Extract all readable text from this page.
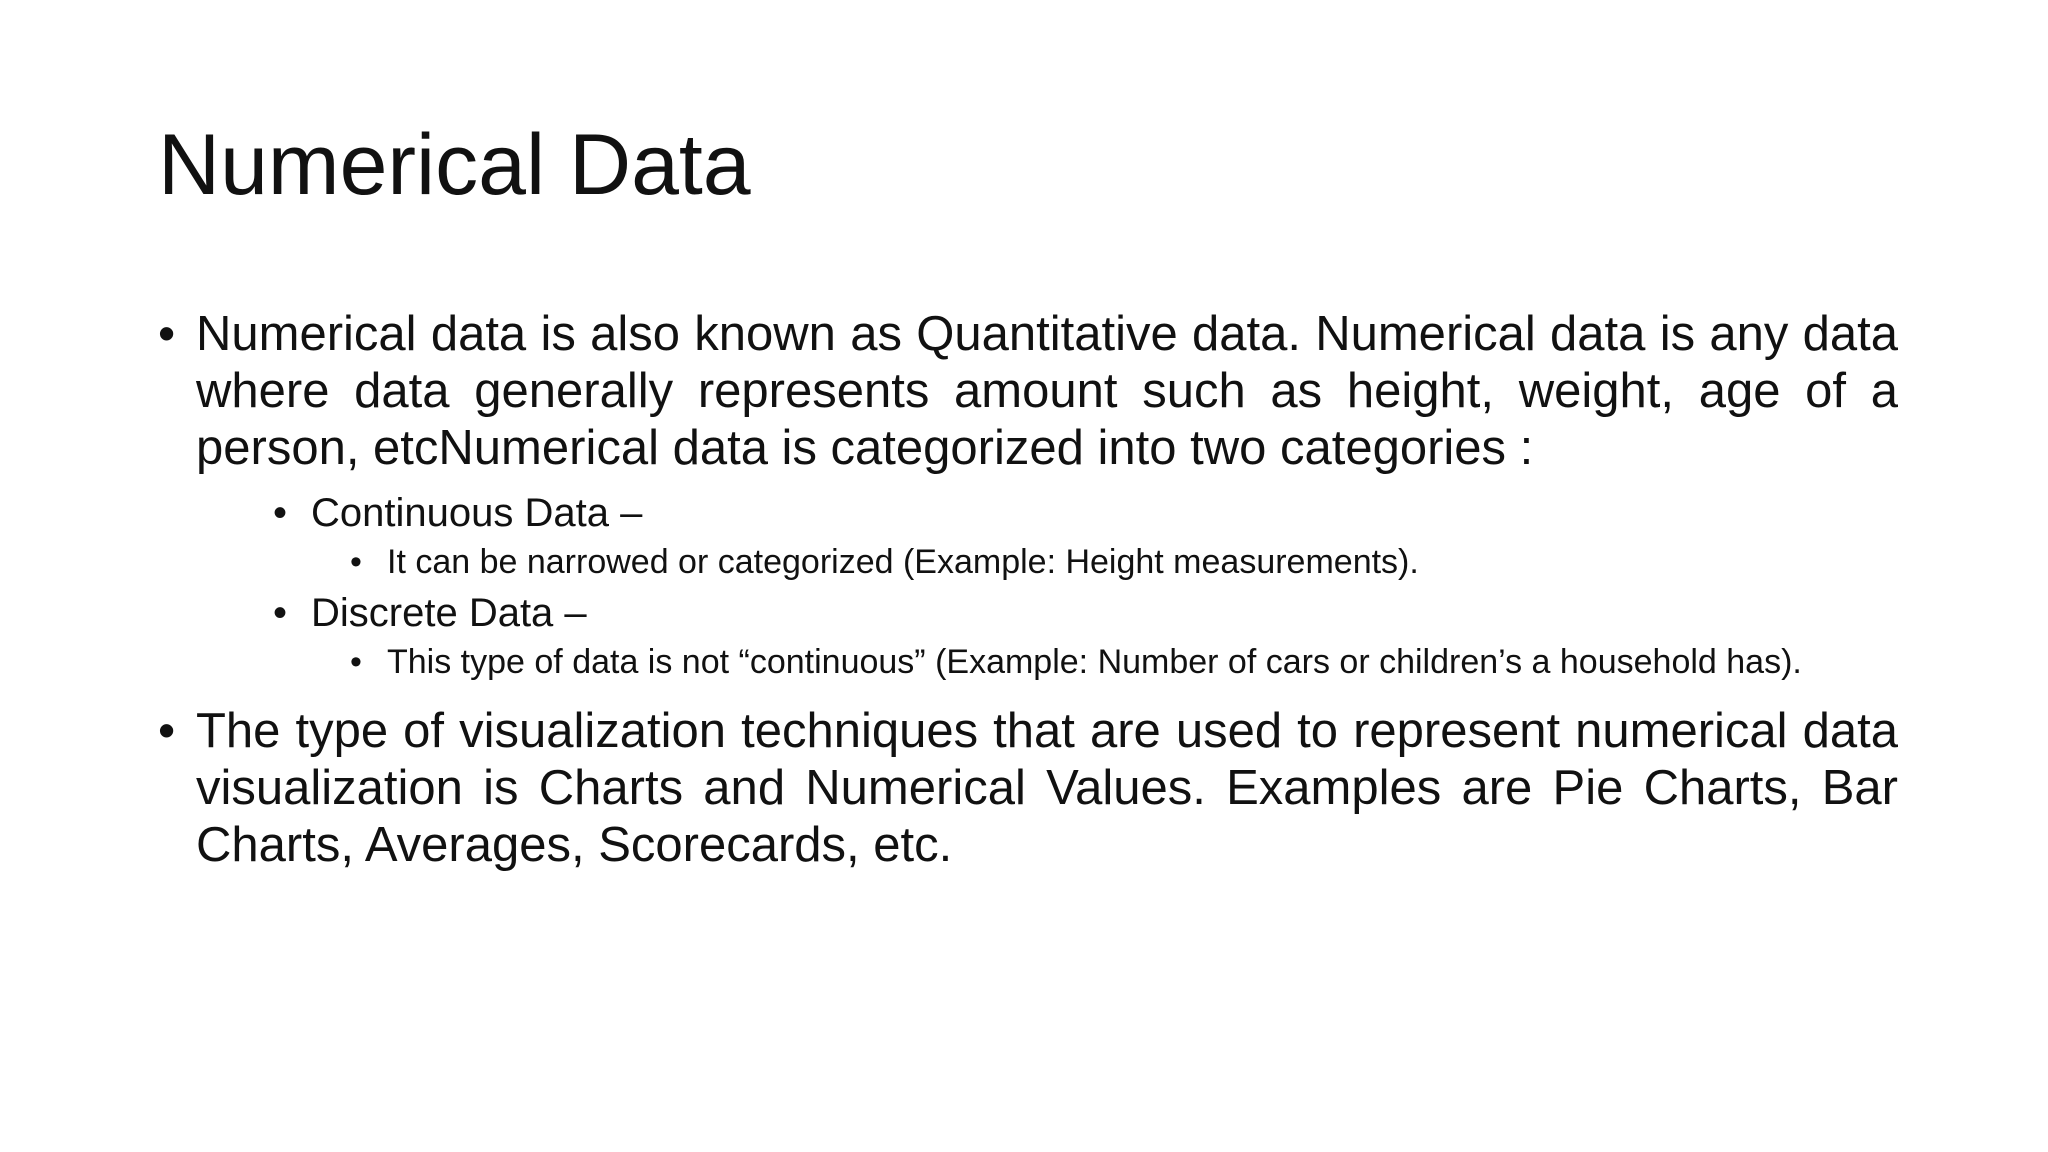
Numerical Data
• Numerical data is also known as Quantitative data. Numerical data is any data where data generally represents amount such as height, weight, age of a person, etcNumerical data is categorized into two categories :
• Continuous Data –
• It can be narrowed or categorized (Example: Height measurements).
• Discrete Data –
• This type of data is not “continuous” (Example: Number of cars or children’s a household has).
• The type of visualization techniques that are used to represent numerical data visualization is Charts and Numerical Values. Examples are Pie Charts, Bar Charts, Averages, Scorecards, etc.
